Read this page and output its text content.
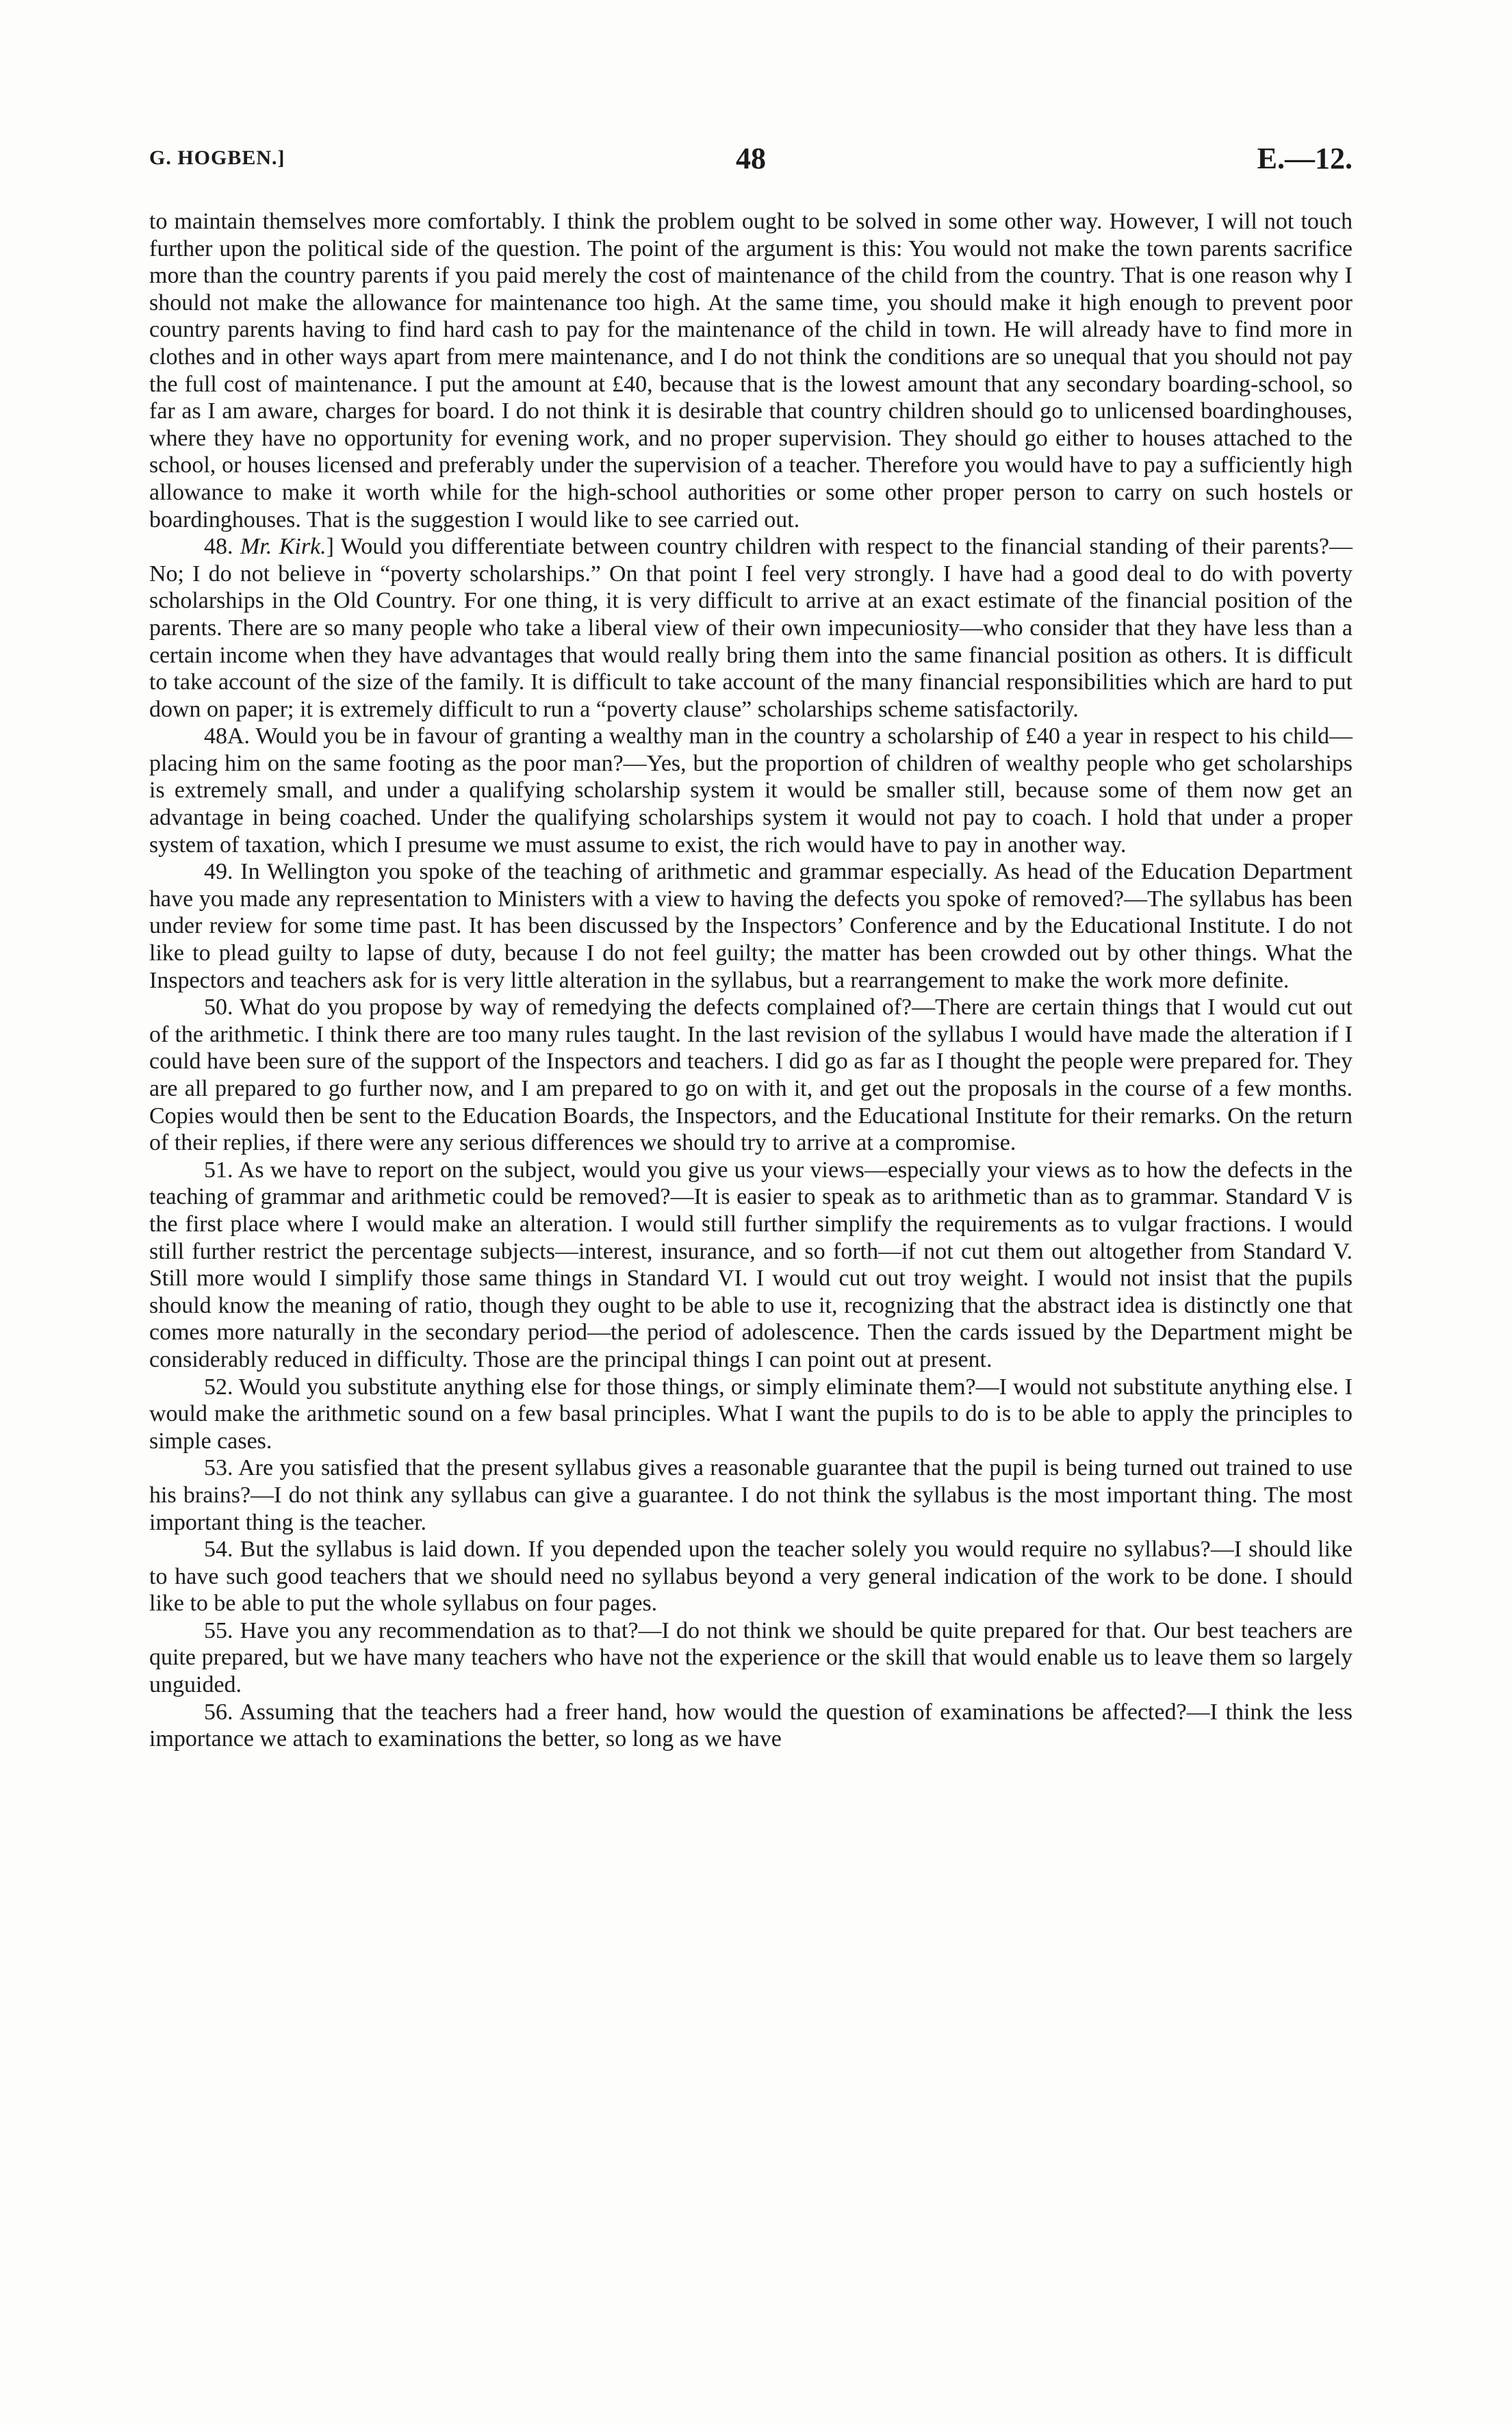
G. HOGBEN.]	48	E.—12.

to maintain themselves more comfortably. I think the problem ought to be solved in some other way. However, I will not touch further upon the political side of the question. The point of the argument is this: You would not make the town parents sacrifice more than the country parents if you paid merely the cost of maintenance of the child from the country. That is one reason why I should not make the allowance for maintenance too high. At the same time, you should make it high enough to prevent poor country parents having to find hard cash to pay for the maintenance of the child in town. He will already have to find more in clothes and in other ways apart from mere maintenance, and I do not think the conditions are so unequal that you should not pay the full cost of maintenance. I put the amount at £40, because that is the lowest amount that any secondary boarding-school, so far as I am aware, charges for board. I do not think it is desirable that country children should go to unlicensed boardinghouses, where they have no opportunity for evening work, and no proper supervision. They should go either to houses attached to the school, or houses licensed and preferably under the supervision of a teacher. Therefore you would have to pay a sufficiently high allowance to make it worth while for the high-school authorities or some other proper person to carry on such hostels or boardinghouses. That is the suggestion I would like to see carried out.

48. Mr. Kirk.] Would you differentiate between country children with respect to the financial standing of their parents?—No; I do not believe in “poverty scholarships.” On that point I feel very strongly. I have had a good deal to do with poverty scholarships in the Old Country. For one thing, it is very difficult to arrive at an exact estimate of the financial position of the parents. There are so many people who take a liberal view of their own impecuniosity—who consider that they have less than a certain income when they have advantages that would really bring them into the same financial position as others. It is difficult to take account of the size of the family. It is difficult to take account of the many financial responsibilities which are hard to put down on paper; it is extremely difficult to run a “poverty clause” scholarships scheme satisfactorily.

48A. Would you be in favour of granting a wealthy man in the country a scholarship of £40 a year in respect to his child—placing him on the same footing as the poor man?—Yes, but the proportion of children of wealthy people who get scholarships is extremely small, and under a qualifying scholarship system it would be smaller still, because some of them now get an advantage in being coached. Under the qualifying scholarships system it would not pay to coach. I hold that under a proper system of taxation, which I presume we must assume to exist, the rich would have to pay in another way.

49. In Wellington you spoke of the teaching of arithmetic and grammar especially. As head of the Education Department have you made any representation to Ministers with a view to having the defects you spoke of removed?—The syllabus has been under review for some time past. It has been discussed by the Inspectors’ Conference and by the Educational Institute. I do not like to plead guilty to lapse of duty, because I do not feel guilty; the matter has been crowded out by other things. What the Inspectors and teachers ask for is very little alteration in the syllabus, but a rearrangement to make the work more definite.

50. What do you propose by way of remedying the defects complained of?—There are certain things that I would cut out of the arithmetic. I think there are too many rules taught. In the last revision of the syllabus I would have made the alteration if I could have been sure of the support of the Inspectors and teachers. I did go as far as I thought the people were prepared for. They are all prepared to go further now, and I am prepared to go on with it, and get out the proposals in the course of a few months. Copies would then be sent to the Education Boards, the Inspectors, and the Educational Institute for their remarks. On the return of their replies, if there were any serious differences we should try to arrive at a compromise.

51. As we have to report on the subject, would you give us your views—especially your views as to how the defects in the teaching of grammar and arithmetic could be removed?—It is easier to speak as to arithmetic than as to grammar. Standard V is the first place where I would make an alteration. I would still further simplify the requirements as to vulgar fractions. I would still further restrict the percentage subjects—interest, insurance, and so forth—if not cut them out altogether from Standard V. Still more would I simplify those same things in Standard VI. I would cut out troy weight. I would not insist that the pupils should know the meaning of ratio, though they ought to be able to use it, recognizing that the abstract idea is distinctly one that comes more naturally in the secondary period—the period of adolescence. Then the cards issued by the Department might be considerably reduced in difficulty. Those are the principal things I can point out at present.

52. Would you substitute anything else for those things, or simply eliminate them?—I would not substitute anything else. I would make the arithmetic sound on a few basal principles. What I want the pupils to do is to be able to apply the principles to simple cases.

53. Are you satisfied that the present syllabus gives a reasonable guarantee that the pupil is being turned out trained to use his brains?—I do not think any syllabus can give a guarantee. I do not think the syllabus is the most important thing. The most important thing is the teacher.

54. But the syllabus is laid down. If you depended upon the teacher solely you would require no syllabus?—I should like to have such good teachers that we should need no syllabus beyond a very general indication of the work to be done. I should like to be able to put the whole syllabus on four pages.

55. Have you any recommendation as to that?—I do not think we should be quite prepared for that. Our best teachers are quite prepared, but we have many teachers who have not the experience or the skill that would enable us to leave them so largely unguided.

56. Assuming that the teachers had a freer hand, how would the question of examinations be affected?—I think the less importance we attach to examinations the better, so long as we have
